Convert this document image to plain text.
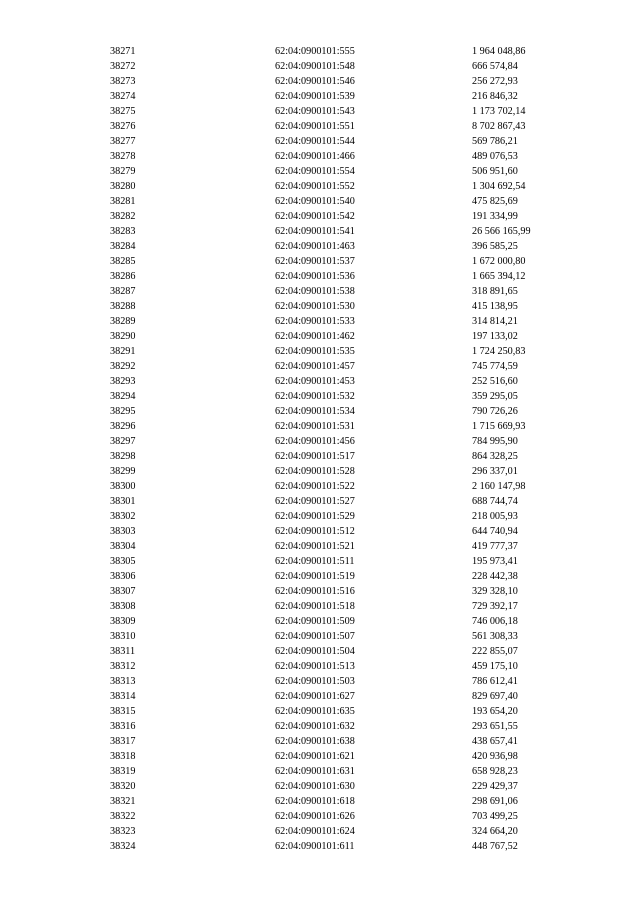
38271	62:04:0900101:555	1 964 048,86
38272	62:04:0900101:548	666 574,84
38273	62:04:0900101:546	256 272,93
38274	62:04:0900101:539	216 846,32
38275	62:04:0900101:543	1 173 702,14
38276	62:04:0900101:551	8 702 867,43
38277	62:04:0900101:544	569 786,21
38278	62:04:0900101:466	489 076,53
38279	62:04:0900101:554	506 951,60
38280	62:04:0900101:552	1 304 692,54
38281	62:04:0900101:540	475 825,69
38282	62:04:0900101:542	191 334,99
38283	62:04:0900101:541	26 566 165,99
38284	62:04:0900101:463	396 585,25
38285	62:04:0900101:537	1 672 000,80
38286	62:04:0900101:536	1 665 394,12
38287	62:04:0900101:538	318 891,65
38288	62:04:0900101:530	415 138,95
38289	62:04:0900101:533	314 814,21
38290	62:04:0900101:462	197 133,02
38291	62:04:0900101:535	1 724 250,83
38292	62:04:0900101:457	745 774,59
38293	62:04:0900101:453	252 516,60
38294	62:04:0900101:532	359 295,05
38295	62:04:0900101:534	790 726,26
38296	62:04:0900101:531	1 715 669,93
38297	62:04:0900101:456	784 995,90
38298	62:04:0900101:517	864 328,25
38299	62:04:0900101:528	296 337,01
38300	62:04:0900101:522	2 160 147,98
38301	62:04:0900101:527	688 744,74
38302	62:04:0900101:529	218 005,93
38303	62:04:0900101:512	644 740,94
38304	62:04:0900101:521	419 777,37
38305	62:04:0900101:511	195 973,41
38306	62:04:0900101:519	228 442,38
38307	62:04:0900101:516	329 328,10
38308	62:04:0900101:518	729 392,17
38309	62:04:0900101:509	746 006,18
38310	62:04:0900101:507	561 308,33
38311	62:04:0900101:504	222 855,07
38312	62:04:0900101:513	459 175,10
38313	62:04:0900101:503	786 612,41
38314	62:04:0900101:627	829 697,40
38315	62:04:0900101:635	193 654,20
38316	62:04:0900101:632	293 651,55
38317	62:04:0900101:638	438 657,41
38318	62:04:0900101:621	420 936,98
38319	62:04:0900101:631	658 928,23
38320	62:04:0900101:630	229 429,37
38321	62:04:0900101:618	298 691,06
38322	62:04:0900101:626	703 499,25
38323	62:04:0900101:624	324 664,20
38324	62:04:0900101:611	448 767,52
